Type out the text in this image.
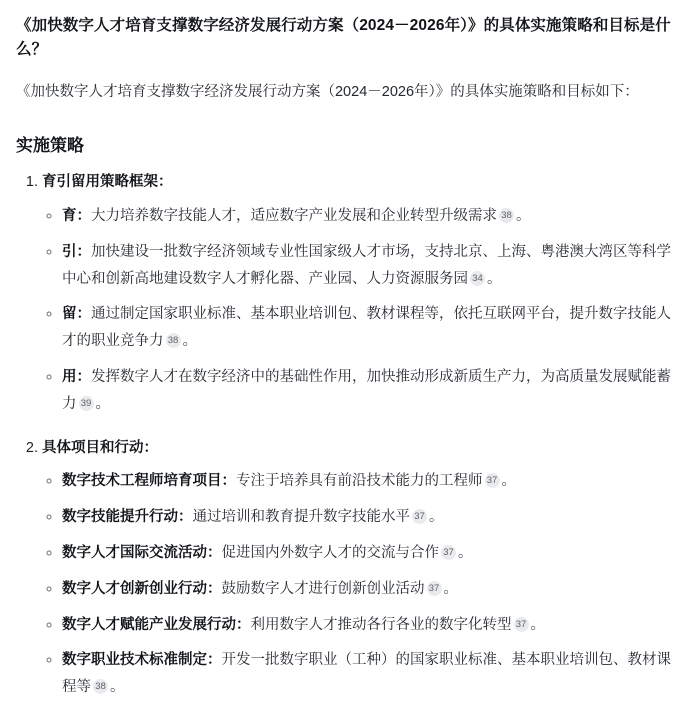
《加快数字人才培育支撑数字经济发展行动方案（2024－2026年）》的具体实施策略和目标是什么？

《加快数字人才培育支撑数字经济发展行动方案（2024－2026年）》的具体实施策略和目标如下：

实施策略
1. 育引留用策略框架：
◦ 育：大力培养数字技能人才，适应数字产业发展和企业转型升级需求 38 。
◦ 引：加快建设一批数字经济领域专业性国家级人才市场，支持北京、上海、粤港澳大湾区等科学中心和创新高地建设数字人才孵化器、产业园、人力资源服务园 34 。
◦ 留：通过制定国家职业标准、基本职业培训包、教材课程等，依托互联网平台，提升数字技能人才的职业竞争力 38 。
◦ 用：发挥数字人才在数字经济中的基础性作用，加快推动形成新质生产力，为高质量发展赋能蓄力 39 。
2. 具体项目和行动：
◦ 数字技术工程师培育项目：专注于培养具有前沿技术能力的工程师 37 。
◦ 数字技能提升行动：通过培训和教育提升数字技能水平 37 。
◦ 数字人才国际交流活动：促进国内外数字人才的交流与合作 37 。
◦ 数字人才创新创业行动：鼓励数字人才进行创新创业活动 37 。
◦ 数字人才赋能产业发展行动：利用数字人才推动各行各业的数字化转型 37 。
◦ 数字职业技术标准制定：开发一批数字职业（工种）的国家职业标准、基本职业培训包、教材课程等 38 。
